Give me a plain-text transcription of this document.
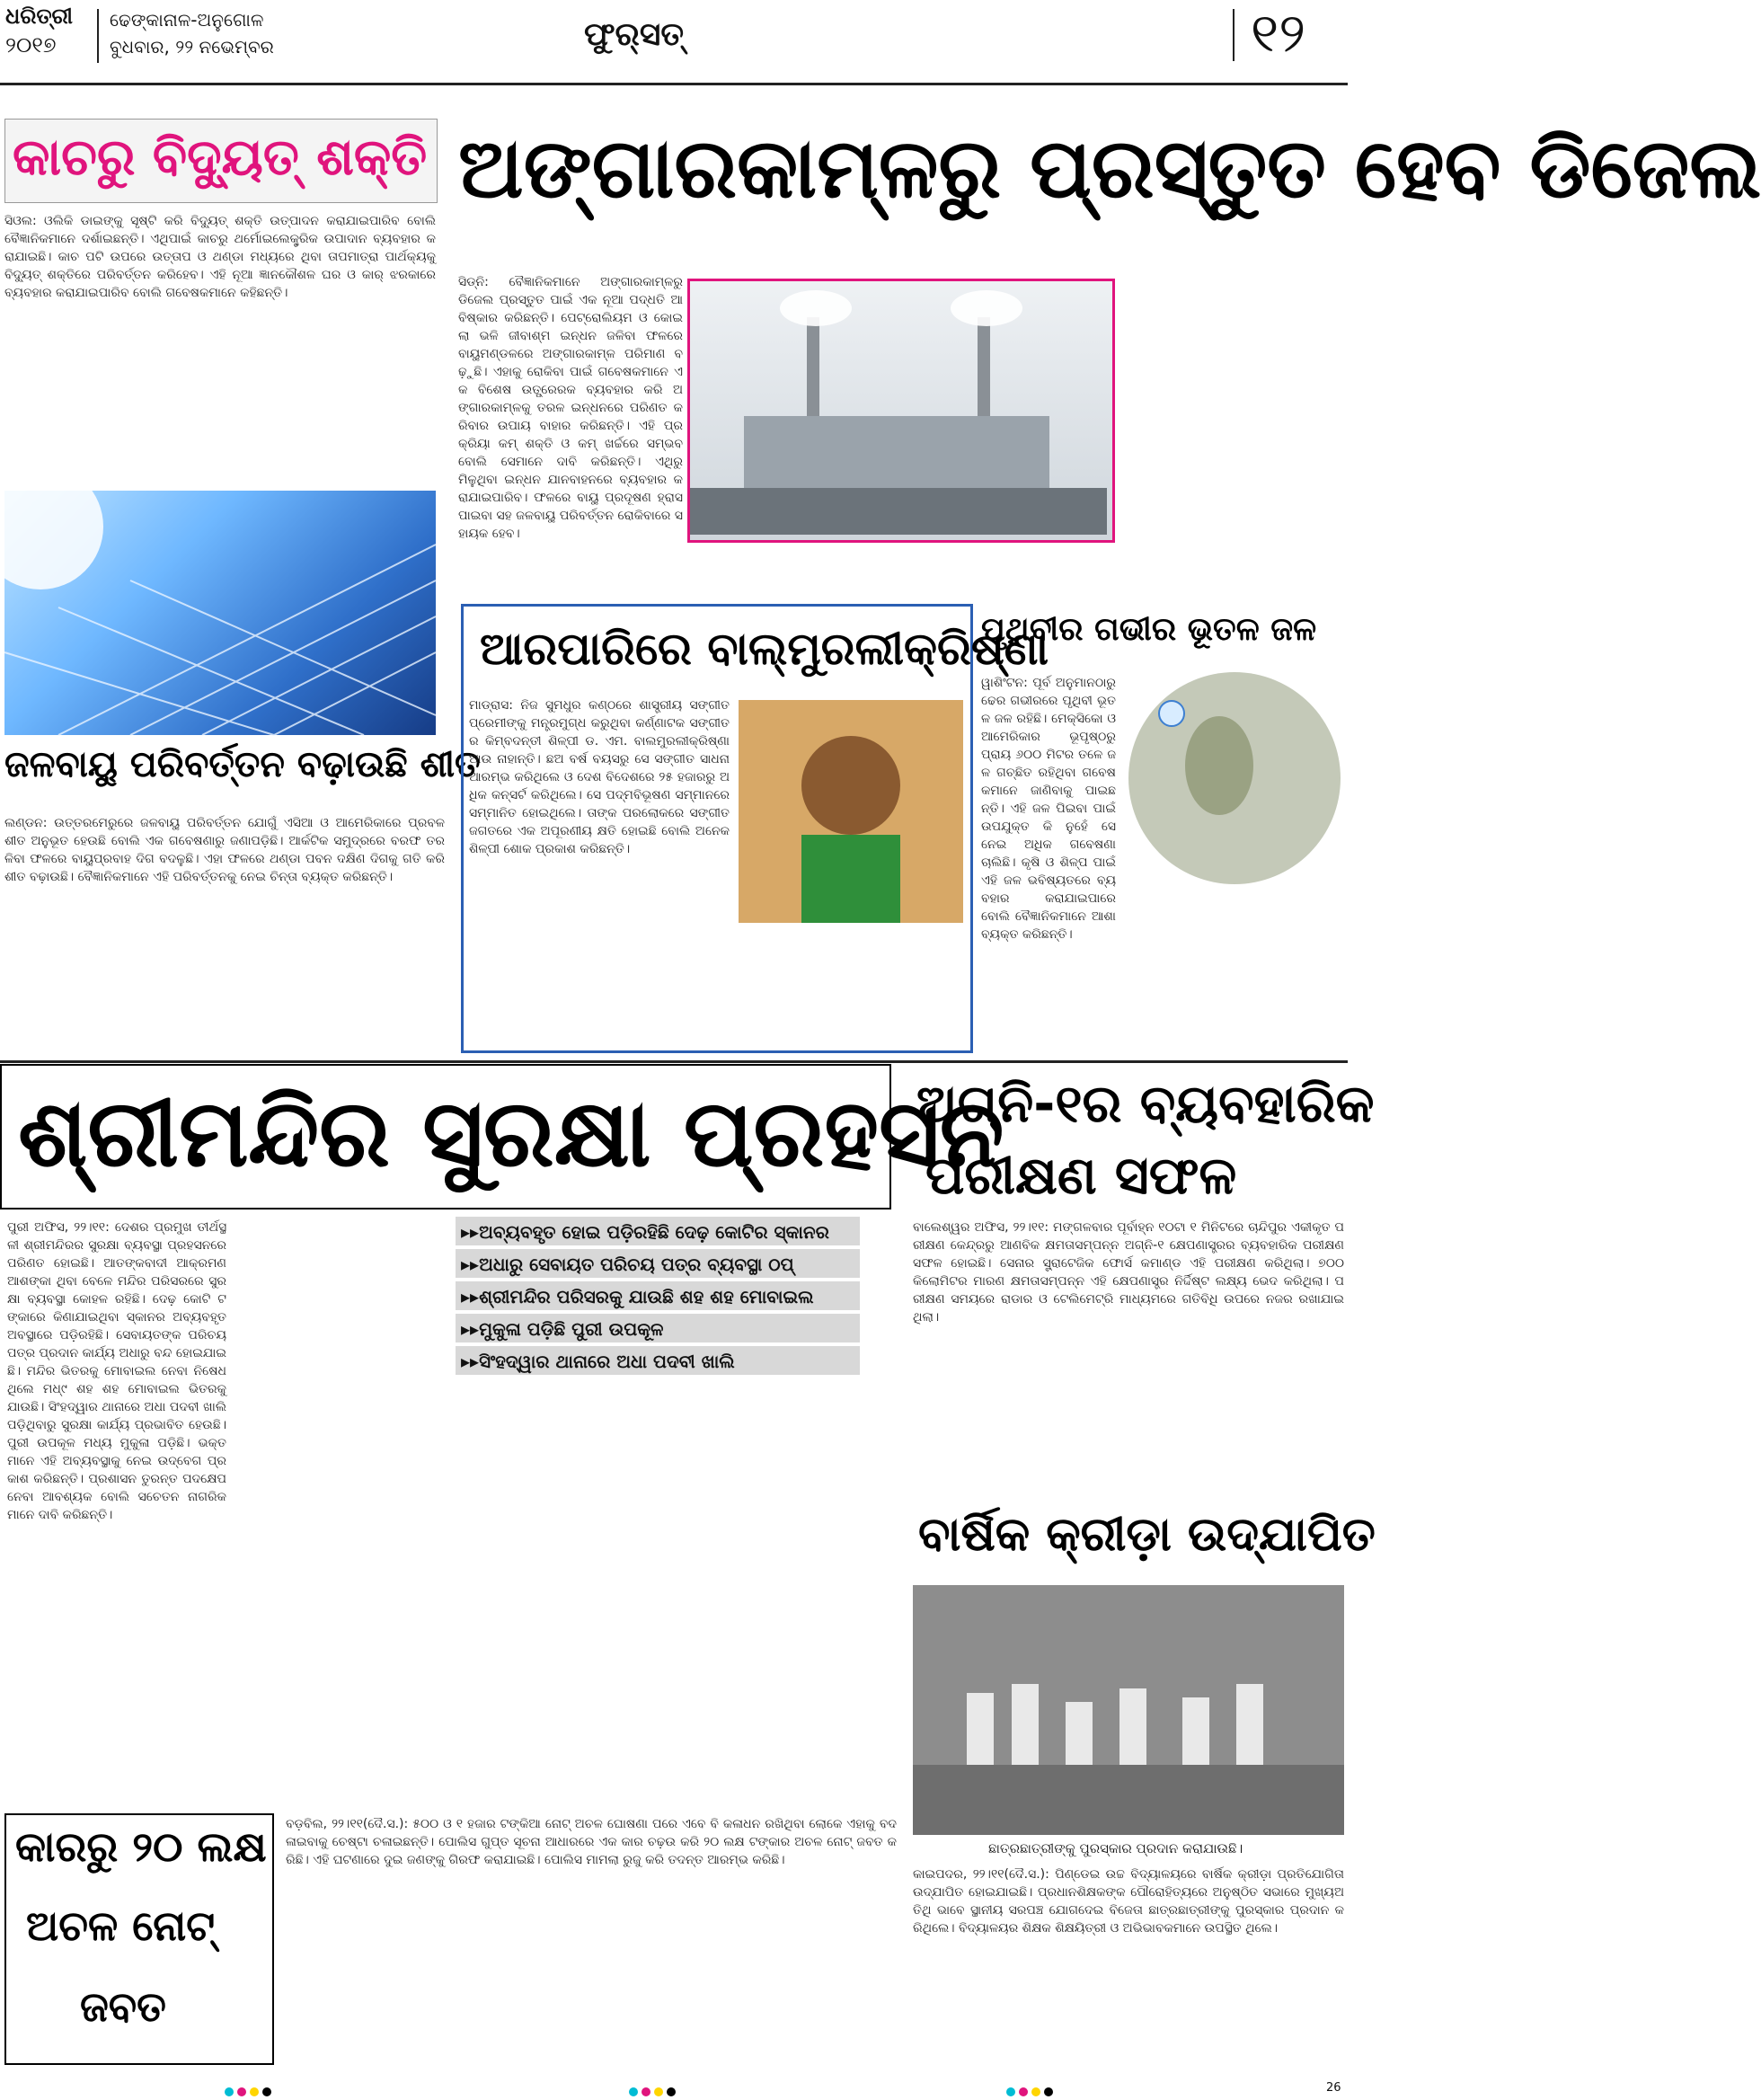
ଧରିତ୍ରୀ
୨୦୧୭
ଢେଙ୍କାନାଳ-ଅନୁଗୋଳ
ବୁଧବାର, ୨୨ ନଭେମ୍ବର	ଫୁର୍‌ସତ୍‌	୧୨
କାଚରୁ ବିଦ୍ୟୁତ୍ ଶକ୍ତି
ସିଓଲ: ଓଲିକି ଡାଇଙ୍କୁ ସୃଷ୍ଟି କରି ବିଦ୍ୟୁତ୍ ଶକ୍ତି ଉତ୍ପାଦନ କରାଯାଇପାରିବ ବୋଲି ବୈଜ୍ଞାନିକମାନେ ଦର୍ଶାଇଛନ୍ତି। ଏଥିପାଇଁ କାଚରୁ ଥର୍ମୋଇଲେକ୍ଟ୍ରିକ ଉପାଦାନ ବ୍ୟବହାର କରାଯାଇଛି। କାଚ ପଟି ଉପରେ ଉତ୍ତାପ ଓ ଥଣ୍ଡା ମଧ୍ୟରେ ଥିବା ତାପମାତ୍ରା ପାର୍ଥକ୍ୟକୁ ବିଦ୍ୟୁତ୍ ଶକ୍ତିରେ ପରିବର୍ତ୍ତନ କରିହେବ। ଏହି ନୂଆ ଜ୍ଞାନକୌଶଳ ଘର ଓ କାର୍ ଝରକାରେ ବ୍ୟବହାର କରାଯାଇପାରିବ ବୋଲି ଗବେଷକମାନେ କହିଛନ୍ତି।
ଅଙ୍ଗାରକାମ୍ଳରୁ ପ୍ରସ୍ତୁତ ହେବ ଡିଜେଲ
ସିଡ୍‌ନି: ବୈଜ୍ଞାନିକମାନେ ଅଙ୍ଗାରକାମ୍ଳରୁ ଡିଜେଲ ପ୍ରସ୍ତୁତ ପାଇଁ ଏକ ନୂଆ ପଦ୍ଧତି ଆବିଷ୍କାର କରିଛନ୍ତି। ପେଟ୍ରୋଲିୟମ ଓ କୋଇଲା ଭଳି ଜୀବାଶ୍ମ ଇନ୍ଧନ ଜଳିବା ଫଳରେ ବାୟୁମଣ୍ଡଳରେ ଅଙ୍ଗାରକାମ୍ଳ ପରିମାଣ ବଢ଼ୁଛି। ଏହାକୁ ରୋକିବା ପାଇଁ ଗବେଷକମାନେ ଏକ ବିଶେଷ ଉତ୍ପ୍ରେରକ ବ୍ୟବହାର କରି ଅଙ୍ଗାରକାମ୍ଳକୁ ତରଳ ଇନ୍ଧନରେ ପରିଣତ କରିବାର ଉପାୟ ବାହାର କରିଛନ୍ତି। ଏହି ପ୍ରକ୍ରିୟା କମ୍ ଶକ୍ତି ଓ କମ୍ ଖର୍ଚ୍ଚରେ ସମ୍ଭବ ବୋଲି ସେମାନେ ଦାବି କରିଛନ୍ତି। ଏଥିରୁ ମିଳୁଥିବା ଇନ୍ଧନ ଯାନବାହନରେ ବ୍ୟବହାର କରାଯାଇପାରିବ। ଫଳରେ ବାୟୁ ପ୍ରଦୂଷଣ ହ୍ରାସ ପାଇବା ସହ ଜଳବାୟୁ ପରିବର୍ତ୍ତନ ରୋକିବାରେ ସହାୟକ ହେବ।
ଜଳବାୟୁ ପରିବର୍ତ୍ତନ ବଢ଼ାଉଛି ଶୀତ
ଲଣ୍ଡନ: ଉତ୍ତରମେରୁରେ ଜଳବାୟୁ ପରିବର୍ତ୍ତନ ଯୋଗୁଁ ଏସିଆ ଓ ଆମେରିକାରେ ପ୍ରବଳ ଶୀତ ଅନୁଭୂତ ହେଉଛି ବୋଲି ଏକ ଗବେଷଣାରୁ ଜଣାପଡ଼ିଛି। ଆର୍କଟିକ ସମୁଦ୍ରରେ ବରଫ ତରଳିବା ଫଳରେ ବାୟୁପ୍ରବାହ ଦିଗ ବଦଳୁଛି। ଏହା ଫଳରେ ଥଣ୍ଡା ପବନ ଦକ୍ଷିଣ ଦିଗକୁ ଗତି କରି ଶୀତ ବଢ଼ାଉଛି। ବୈଜ୍ଞାନିକମାନେ ଏହି ପରିବର୍ତ୍ତନକୁ ନେଇ ଚିନ୍ତା ବ୍ୟକ୍ତ କରିଛନ୍ତି।
ଆରପାରିରେ ବାଲ୍‌ମୁରଲୀକ୍ରିଷ୍ଣା
ମାଡ୍ରାସ: ନିଜ ସୁମଧୁର କଣ୍ଠରେ ଶାସ୍ତ୍ରୀୟ ସଙ୍ଗୀତ ପ୍ରେମୀଙ୍କୁ ମନ୍ତ୍ରମୁଗ୍ଧ କରୁଥିବା କର୍ଣ୍ଣାଟକ ସଙ୍ଗୀତର କିମ୍ବଦନ୍ତୀ ଶିଳ୍ପୀ ଡ. ଏମ. ବାଲମୁରଲୀକ୍ରିଷ୍ଣା ଆଉ ନାହାନ୍ତି। ଛଅ ବର୍ଷ ବୟସରୁ ସେ ସଙ୍ଗୀତ ସାଧନା ଆରମ୍ଭ କରିଥିଲେ ଓ ଦେଶ ବିଦେଶରେ ୨୫ ହଜାରରୁ ଅଧିକ କନ୍‌ସର୍ଟ କରିଥିଲେ। ସେ ପଦ୍ମବିଭୂଷଣ ସମ୍ମାନରେ ସମ୍ମାନିତ ହୋଇଥିଲେ। ତାଙ୍କ ପରଲୋକରେ ସଙ୍ଗୀତ ଜଗତରେ ଏକ ଅପୂରଣୀୟ କ୍ଷତି ହୋଇଛି ବୋଲି ଅନେକ ଶିଳ୍ପୀ ଶୋକ ପ୍ରକାଶ କରିଛନ୍ତି।
ପୃଥିବୀର ଗଭୀର ଭୂତଳ ଜଳ
ୱାଶିଂଟନ: ପୂର୍ବ ଅନୁମାନଠାରୁ ଢେର ଗଭୀରରେ ପୃଥିବୀ ଭୂତଳ ଜଳ ରହିଛି। ମେକ୍ସିକୋ ଓ ଆମେରିକାର ଭୂପୃଷ୍ଠରୁ ପ୍ରାୟ ୬୦୦ ମିଟର ତଳେ ଜଳ ଗଚ୍ଛିତ ରହିଥିବା ଗବେଷକମାନେ ଜାଣିବାକୁ ପାଇଛନ୍ତି। ଏହି ଜଳ ପିଇବା ପାଇଁ ଉପଯୁକ୍ତ କି ନୁହେଁ ସେ ନେଇ ଅଧିକ ଗବେଷଣା ଚାଲିଛି। କୃଷି ଓ ଶିଳ୍ପ ପାଇଁ ଏହି ଜଳ ଭବିଷ୍ୟତରେ ବ୍ୟବହାର କରାଯାଇପାରେ ବୋଲି ବୈଜ୍ଞାନିକମାନେ ଆଶା ବ୍ୟକ୍ତ କରିଛନ୍ତି।
ଶ୍ରୀମନ୍ଦିର ସୁରକ୍ଷା ପ୍ରହସନ
ପୁରୀ ଅଫିସ, ୨୨।୧୧: ଦେଶର ପ୍ରମୁଖ ତୀର୍ଥସ୍ଥଳୀ ଶ୍ରୀମନ୍ଦିରର ସୁରକ୍ଷା ବ୍ୟବସ୍ଥା ପ୍ରହସନରେ ପରିଣତ ହୋଇଛି। ଆତଙ୍କବାଦୀ ଆକ୍ରମଣ ଆଶଙ୍କା ଥିବା ବେଳେ ମନ୍ଦିର ପରିସରରେ ସୁରକ୍ଷା ବ୍ୟବସ୍ଥା କୋହଳ ରହିଛି। ଦେଢ଼ କୋଟି ଟଙ୍କାରେ କିଣାଯାଇଥିବା ସ୍କାନର ଅବ୍ୟବହୃତ ଅବସ୍ଥାରେ ପଡ଼ିରହିଛି। ସେବାୟତଙ୍କ ପରିଚୟ ପତ୍ର ପ୍ରଦାନ କାର୍ଯ୍ୟ ଅଧାରୁ ବନ୍ଦ ହୋଇଯାଇଛି। ମନ୍ଦିର ଭିତରକୁ ମୋବାଇଲ ନେବା ନିଷେଧ ଥିଲେ ମଧ୍୯ ଶହ ଶହ ମୋବାଇଲ ଭିତରକୁ ଯାଉଛି। ସିଂହଦ୍ୱାର ଥାନାରେ ଅଧା ପଦବୀ ଖାଲି ପଡ଼ିଥିବାରୁ ସୁରକ୍ଷା କାର୍ଯ୍ୟ ପ୍ରଭାବିତ ହେଉଛି। ପୁରୀ ଉପକୂଳ ମଧ୍ୟ ମୁକୁଳା ପଡ଼ିଛି। ଭକ୍ତମାନେ ଏହି ଅବ୍ୟବସ୍ଥାକୁ ନେଇ ଉଦ୍‌ବେଗ ପ୍ରକାଶ କରିଛନ୍ତି। ପ୍ରଶାସନ ତୁରନ୍ତ ପଦକ୍ଷେପ ନେବା ଆବଶ୍ୟକ ବୋଲି ସଚେତନ ନାଗରିକମାନେ ଦାବି କରିଛନ୍ତି।
▸▸ଅବ୍ୟବହୃତ ହୋଇ ପଡ଼ିରହିଛି ଦେଢ଼ କୋଟିର ସ୍କାନର
▸▸ଅଧାରୁ ସେବାୟତ ପରିଚୟ ପତ୍ର ବ୍ୟବସ୍ଥା ଠପ୍
▸▸ଶ୍ରୀମନ୍ଦିର ପରିସରକୁ ଯାଉଛି ଶହ ଶହ ମୋବାଇଲ
▸▸ମୁକୁଳା ପଡ଼ିଛି ପୁରୀ ଉପକୂଳ
▸▸ସିଂହଦ୍ୱାର ଥାନାରେ ଅଧା ପଦବୀ ଖାଲି
ଅଗ୍ନି-୧ର ବ୍ୟବହାରିକ
ପରୀକ୍ଷଣ ସଫଳ
ବାଲେଶ୍ୱର ଅଫିସ, ୨୨।୧୧: ମଙ୍ଗଳବାର ପୂର୍ବାହ୍ନ ୧୦ଟା ୧ ମିନିଟରେ ଚାନ୍ଦିପୁର ଏକୀକୃତ ପରୀକ୍ଷଣ କେନ୍ଦ୍ରରୁ ଆଣବିକ କ୍ଷମତାସମ୍ପନ୍ନ ଅଗ୍ନି-୧ କ୍ଷେପଣାସ୍ତ୍ରର ବ୍ୟବହାରିକ ପରୀକ୍ଷଣ ସଫଳ ହୋଇଛି। ସେନାର ସ୍ଟ୍ରାଟେଜିକ ଫୋର୍ସ କମାଣ୍ଡ ଏହି ପରୀକ୍ଷଣ କରିଥିଲା। ୭୦୦ କିଲୋମିଟର ମାରଣ କ୍ଷମତାସମ୍ପନ୍ନ ଏହି କ୍ଷେପଣାସ୍ତ୍ର ନିର୍ଦ୍ଦିଷ୍ଟ ଲକ୍ଷ୍ୟ ଭେଦ କରିଥିଲା। ପରୀକ୍ଷଣ ସମୟରେ ରାଡାର ଓ ଟେଲିମେଟ୍ରି ମାଧ୍ୟମରେ ଗତିବିଧି ଉପରେ ନଜର ରଖାଯାଇଥିଲା।
ବାର୍ଷିକ କ୍ରୀଡ଼ା ଉଦ୍‌ଯାପିତ
ଛାତ୍ରଛାତ୍ରୀଙ୍କୁ ପୁରସ୍କାର ପ୍ରଦାନ କରାଯାଉଛି।
କାଇପଦର, ୨୨।୧୧(ଦୈ.ସ.): ପିଣ୍ଡେଇ ଉଚ୍ଚ ବିଦ୍ୟାଳୟରେ ବାର୍ଷିକ କ୍ରୀଡ଼ା ପ୍ରତିଯୋଗିତା ଉଦ୍‌ଯାପିତ ହୋଇଯାଇଛି। ପ୍ରଧାନଶିକ୍ଷକଙ୍କ ପୌରୋହିତ୍ୟରେ ଅନୁଷ୍ଠିତ ସଭାରେ ମୁଖ୍ୟଅତିଥି ଭାବେ ସ୍ଥାନୀୟ ସରପଞ୍ଚ ଯୋଗଦେଇ ବିଜେତା ଛାତ୍ରଛାତ୍ରୀଙ୍କୁ ପୁରସ୍କାର ପ୍ରଦାନ କରିଥିଲେ। ବିଦ୍ୟାଳୟର ଶିକ୍ଷକ ଶିକ୍ଷୟିତ୍ରୀ ଓ ଅଭିଭାବକମାନେ ଉପସ୍ଥିତ ଥିଲେ।
କାରରୁ ୨୦ ଲକ୍ଷ
ଅଚଳ ନୋଟ୍
ଜବତ
ବଡ଼ବିଲ, ୨୨।୧୧(ଦୈ.ସ.): ୫୦୦ ଓ ୧ ହଜାର ଟଙ୍କିଆ ନୋଟ୍ ଅଚଳ ଘୋଷଣା ପରେ ଏବେ ବି କଳାଧନ ରଖିଥିବା ଲୋକେ ଏହାକୁ ବଦଳାଇବାକୁ ଚେଷ୍ଟା ଚଳାଇଛନ୍ତି। ପୋଲିସ ଗୁପ୍ତ ସୂଚନା ଆଧାରରେ ଏକ କାର ଚଢ଼ଉ କରି ୨୦ ଲକ୍ଷ ଟଙ୍କାର ଅଚଳ ନୋଟ୍ ଜବତ କରିଛି। ଏହି ଘଟଣାରେ ଦୁଇ ଜଣଙ୍କୁ ଗିରଫ କରାଯାଇଛି। ପୋଲିସ ମାମଲା ରୁଜୁ କରି ତଦନ୍ତ ଆରମ୍ଭ କରିଛି।
26
